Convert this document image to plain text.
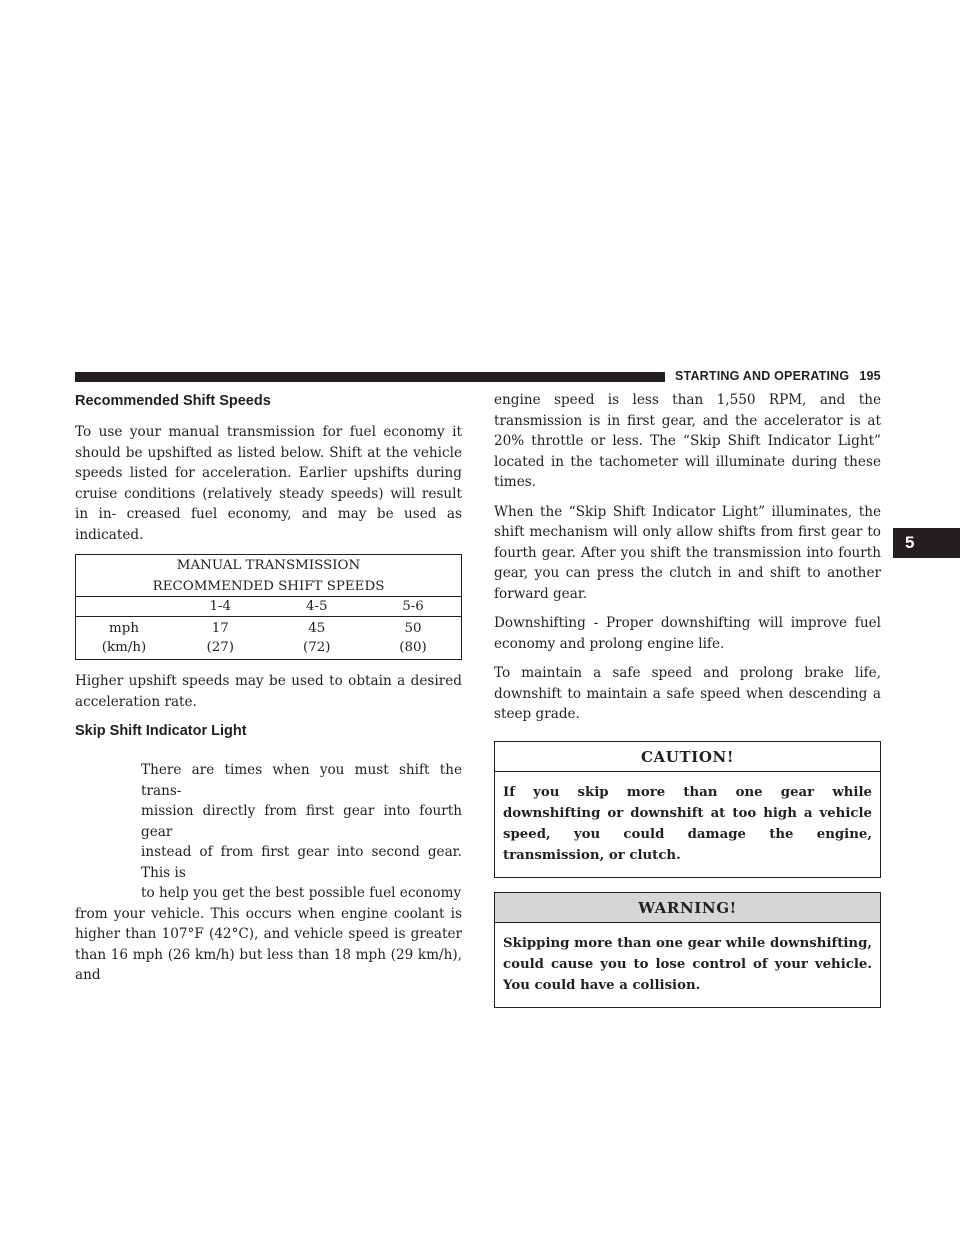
STARTING AND OPERATING 195
5
Recommended Shift Speeds

To use your manual transmission for fuel economy it should be upshifted as listed below. Shift at the vehicle speeds listed for acceleration. Earlier upshifts during cruise conditions (relatively steady speeds) will result in in- creased fuel economy, and may be used as indicated.

MANUAL TRANSMISSION			
RECOMMENDED SHIFT SPEEDS			
	1-4	4-5	5-6
mph	17	45	50
(km/h)	(27)	(72)	(80)

Higher upshift speeds may be used to obtain a desired acceleration rate.

Skip Shift Indicator Light

There are times when you must shift the trans-
mission directly from first gear into fourth gear
instead of from first gear into second gear. This is
to help you get the best possible fuel economy
from your vehicle. This occurs when engine coolant is higher than 107°F (42°C), and vehicle speed is greater than 16 mph (26 km/h) but less than 18 mph (29 km/h), and

engine speed is less than 1,550 RPM, and the transmission is in first gear, and the accelerator is at 20% throttle or less. The “Skip Shift Indicator Light” located in the tachometer will illuminate during these times.

When the “Skip Shift Indicator Light” illuminates, the shift mechanism will only allow shifts from first gear to fourth gear. After you shift the transmission into fourth gear, you can press the clutch in and shift to another forward gear.

Downshifting - Proper downshifting will improve fuel economy and prolong engine life.

To maintain a safe speed and prolong brake life, downshift to maintain a safe speed when descending a steep grade.

CAUTION!
If you skip more than one gear while downshifting or downshift at too high a vehicle speed, you could damage the engine, transmission, or clutch.
WARNING!
Skipping more than one gear while downshifting, could cause you to lose control of your vehicle. You could have a collision.
